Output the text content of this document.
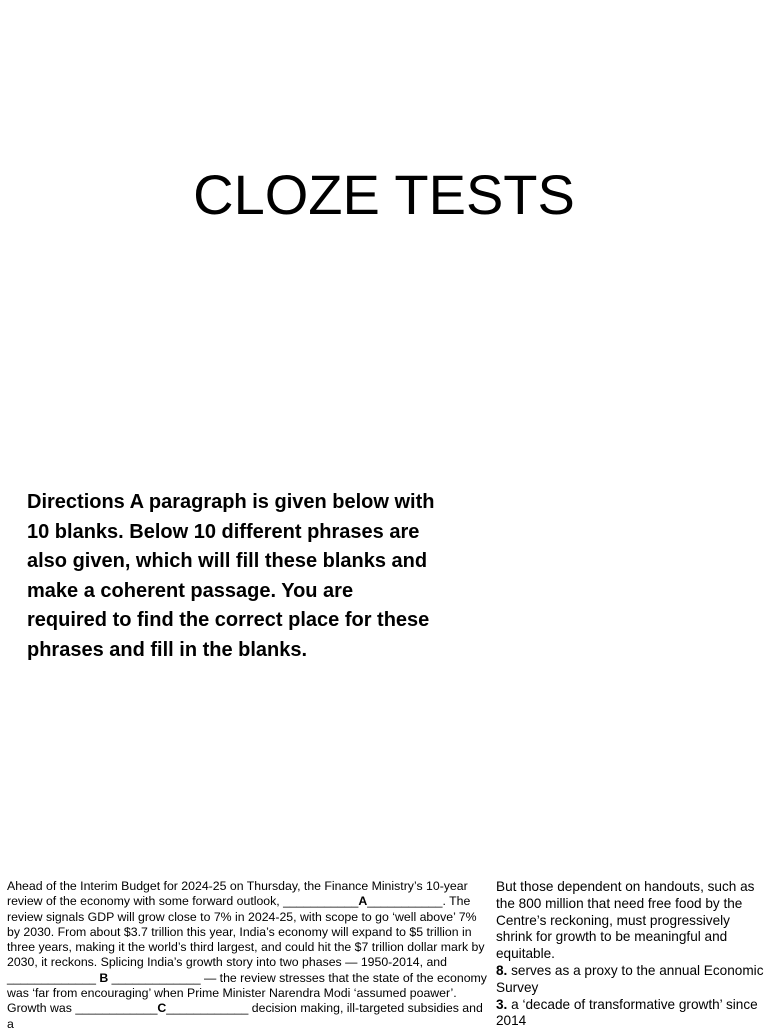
CLOZE TESTS

Directions A paragraph is given below with 10 blanks. Below 10 different phrases are also given, which will fill these blanks and make a coherent passage. You are required to find the correct place for these phrases and fill in the blanks.

Ahead of the Interim Budget for 2024-25 on Thursday, the Finance Ministry’s 10-year review of the economy with some forward outlook, ___________A___________. The review signals GDP will grow close to 7% in 2024-25, with scope to go ‘well above’ 7% by 2030. From about $3.7 trillion this year, India’s economy will expand to $5 trillion in three years, making it the world’s third largest, and could hit the $7 trillion dollar mark by 2030, it reckons. Splicing India’s growth story into two phases — 1950-2014, and _____________ B _____________ — the review stresses that the state of the economy was ‘far from encouraging’ when Prime Minister Narendra Modi ‘assumed poawer’. Growth was ____________C____________ decision making, ill-targeted subsidies and a

But those dependent on handouts, such as the 800 million that need free food by the Centre’s reckoning, must progressively shrink for growth to be meaningful and equitable.

8. serves as a proxy to the annual Economic Survey

3. a ‘decade of transformative growth’ since 2014
